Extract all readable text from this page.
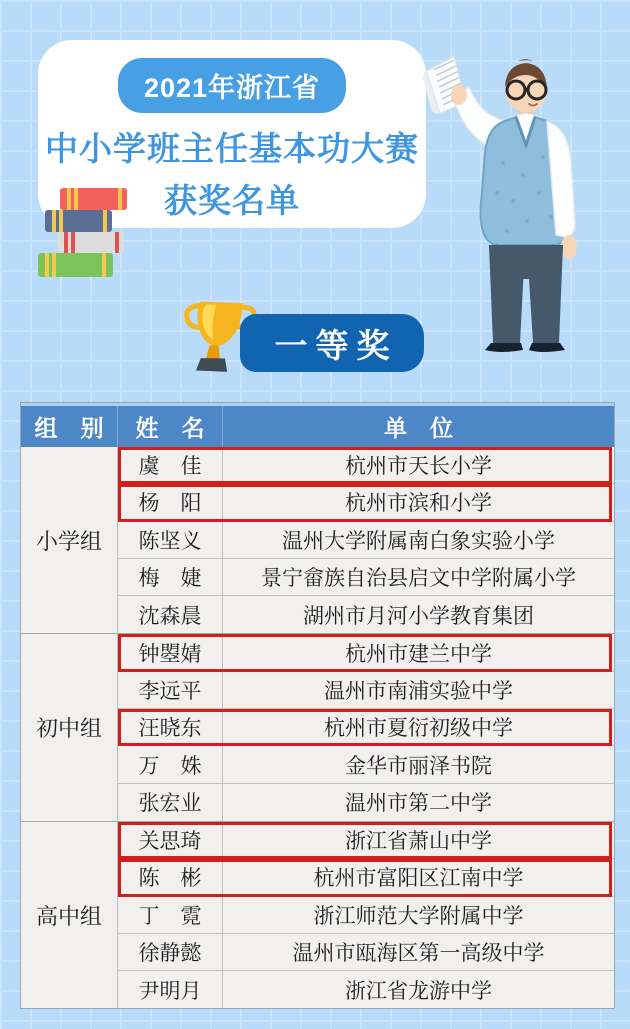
2021年浙江省
中小学班主任基本功大赛
获奖名单
一等奖
组　别	姓　名	单　位
小学组
虞　佳	杭州市天长小学
杨　阳	杭州市滨和小学
陈坚义	温州大学附属南白象实验小学
梅　婕	景宁畲族自治县启文中学附属小学
沈森晨	湖州市月河小学教育集团
初中组
钟曌婧	杭州市建兰中学
李远平	温州市南浦实验中学
汪晓东	杭州市夏衍初级中学
万　姝	金华市丽泽书院
张宏业	温州市第二中学
高中组
关思琦	浙江省萧山中学
陈　彬	杭州市富阳区江南中学
丁　霓	浙江师范大学附属中学
徐静懿	温州市瓯海区第一高级中学
尹明月	浙江省龙游中学
